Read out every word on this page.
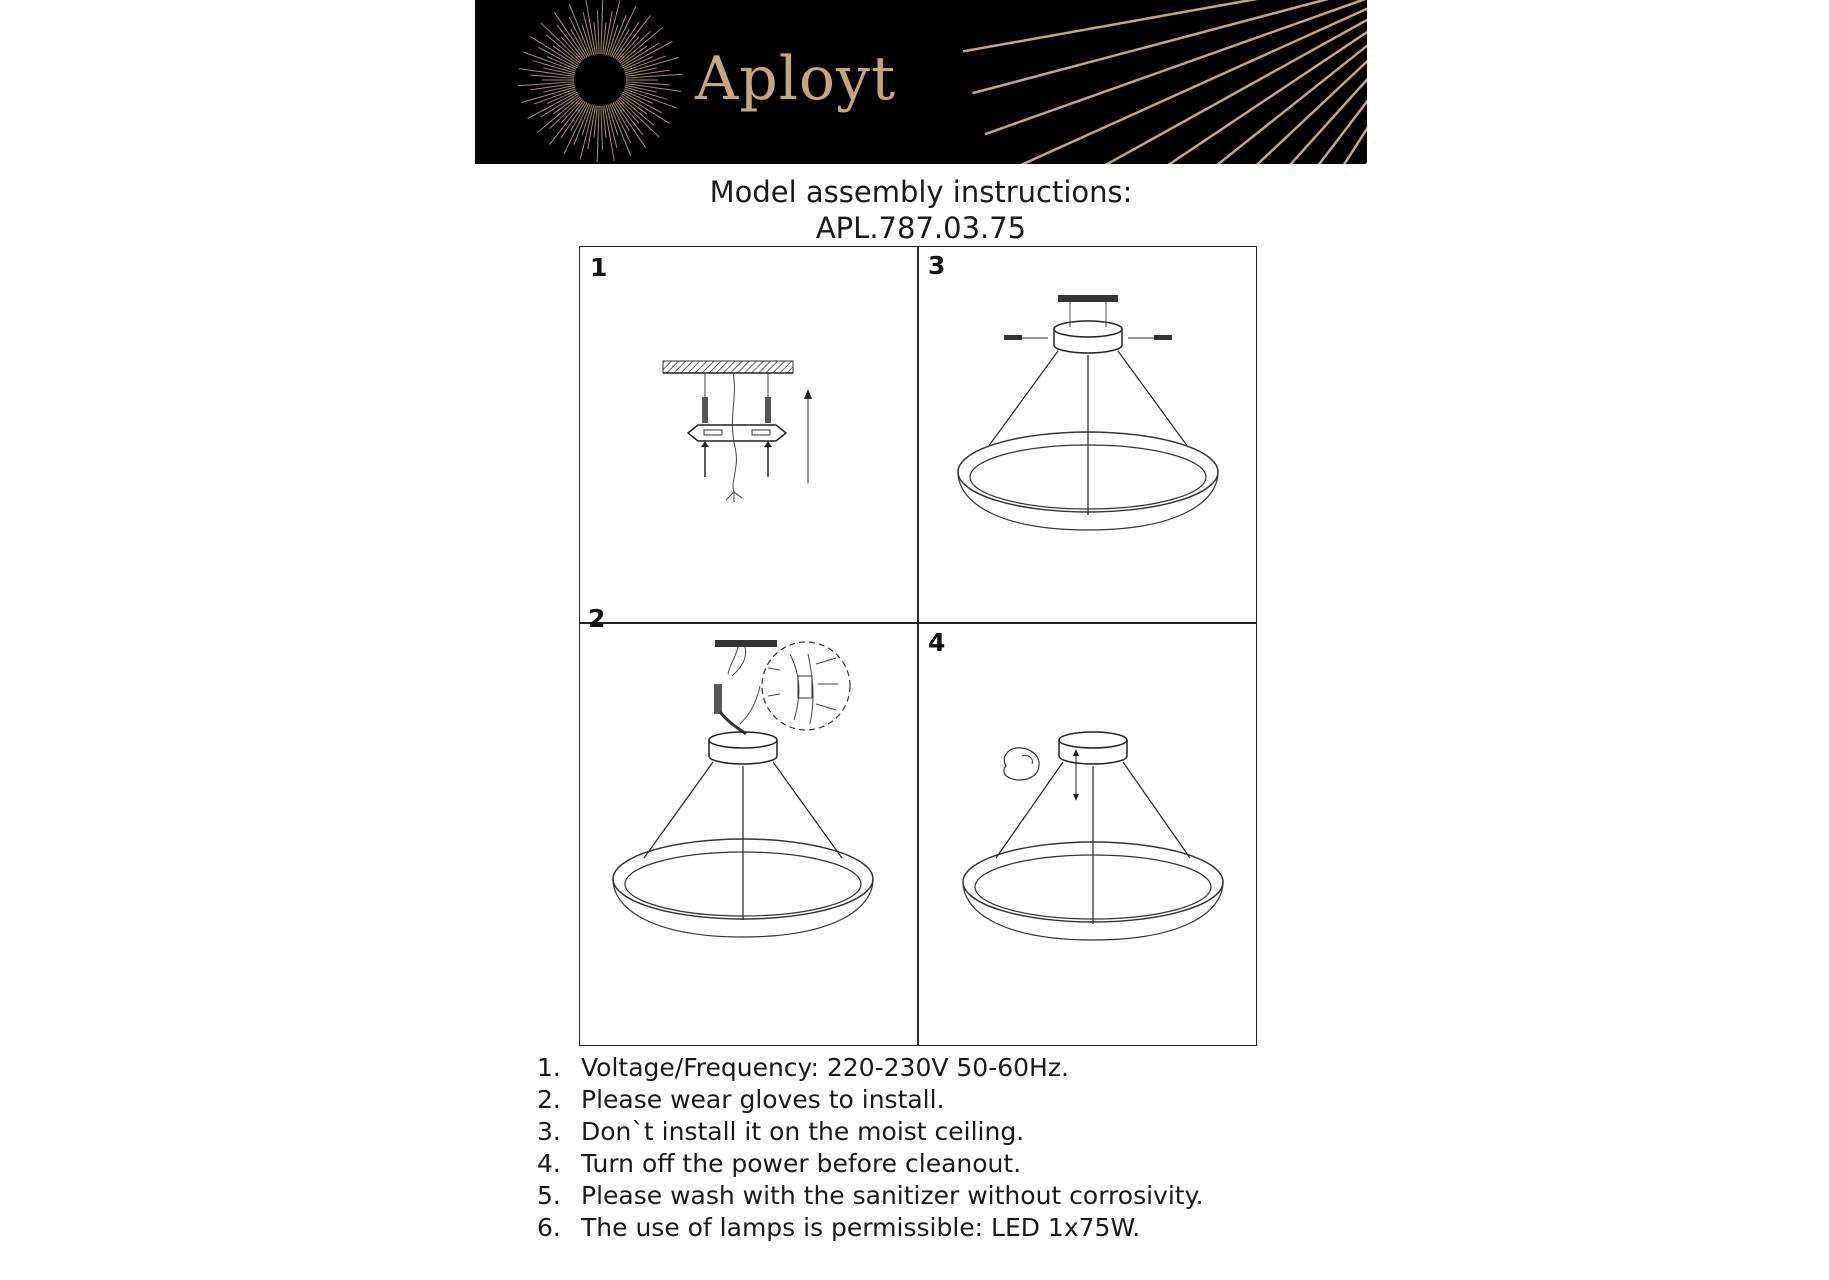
Aployt
Model assembly instructions:
APL.787.03.75
1	3
2
4
1. Voltage/Frequency: 220-230V 50-60Hz.
2. Please wear gloves to install.
3. Don`t install it on the moist ceiling.
4. Turn off the power before cleanout.
5. Please wash with the sanitizer without corrosivity.
6. The use of lamps is permissible: LED 1x75W.
